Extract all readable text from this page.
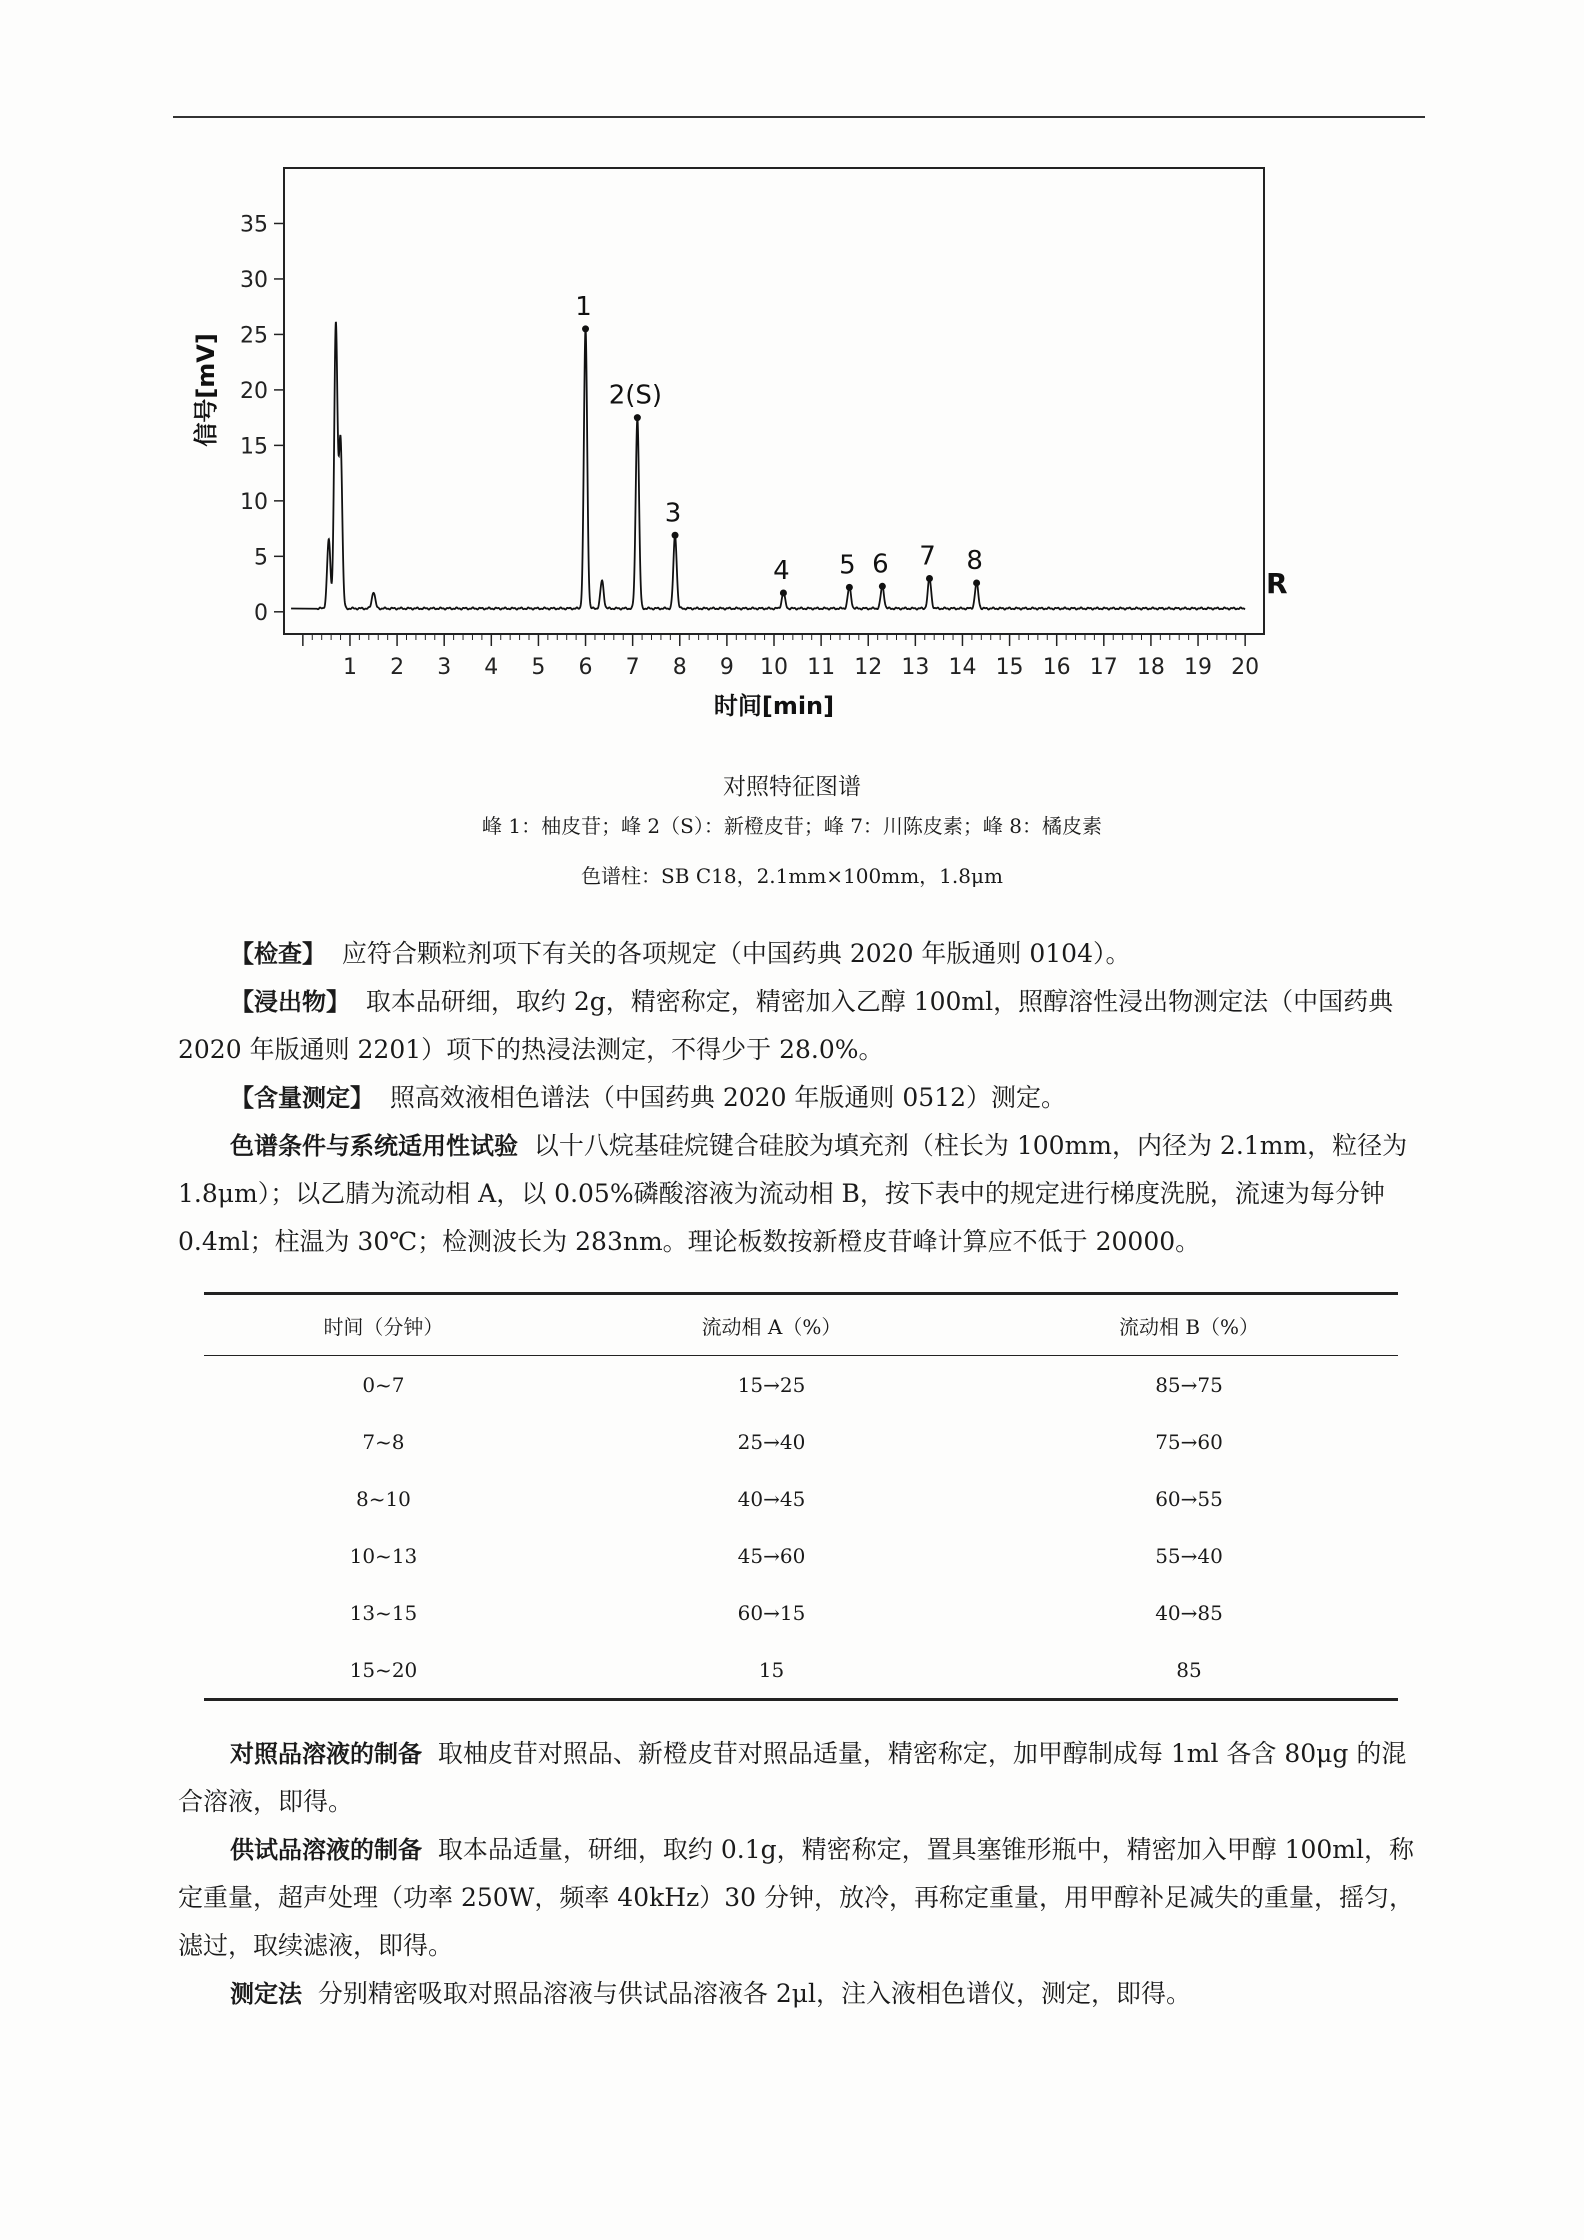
0
5
10
15
20
25
30
35
1 2 3 4 5 6 7 8 9 10 11 12 13 14 15 16 17 18 19 20
时间[min]
信号[mV]
1
2(S)
3
4 5 6 7 8
R
对照特征图谱
峰 1：柚皮苷；峰 2（S）：新橙皮苷；峰 7：川陈皮素；峰 8：橘皮素
色谱柱：SB C18，2.1mm×100mm，1.8μm

【检查】 应符合颗粒剂项下有关的各项规定（中国药典 2020 年版通则 0104）。

【浸出物】 取本品研细，取约 2g，精密称定，精密加入乙醇 100ml，照醇溶性浸出物测定法（中国药典 2020 年版通则 2201）项下的热浸法测定，不得少于 28.0%。

【含量测定】 照高效液相色谱法（中国药典 2020 年版通则 0512）测定。

色谱条件与系统适用性试验 以十八烷基硅烷键合硅胶为填充剂（柱长为 100mm，内径为 2.1mm，粒径为 1.8μm）；以乙腈为流动相 A，以 0.05%磷酸溶液为流动相 B，按下表中的规定进行梯度洗脱，流速为每分钟 0.4ml；柱温为 30℃；检测波长为 283nm。理论板数按新橙皮苷峰计算应不低于 20000。

时间（分钟）	流动相 A（%）	流动相 B（%）
0~7	15→25	85→75
7~8	25→40	75→60
8~10	40→45	60→55
10~13	45→60	55→40
13~15	60→15	40→85
15~20	15	85

对照品溶液的制备 取柚皮苷对照品、新橙皮苷对照品适量，精密称定，加甲醇制成每 1ml 各含 80μg 的混合溶液，即得。

供试品溶液的制备 取本品适量，研细，取约 0.1g，精密称定，置具塞锥形瓶中，精密加入甲醇 100ml，称定重量，超声处理（功率 250W，频率 40kHz）30 分钟，放冷，再称定重量，用甲醇补足减失的重量，摇匀，滤过，取续滤液，即得。

测定法 分别精密吸取对照品溶液与供试品溶液各 2μl，注入液相色谱仪，测定，即得。
